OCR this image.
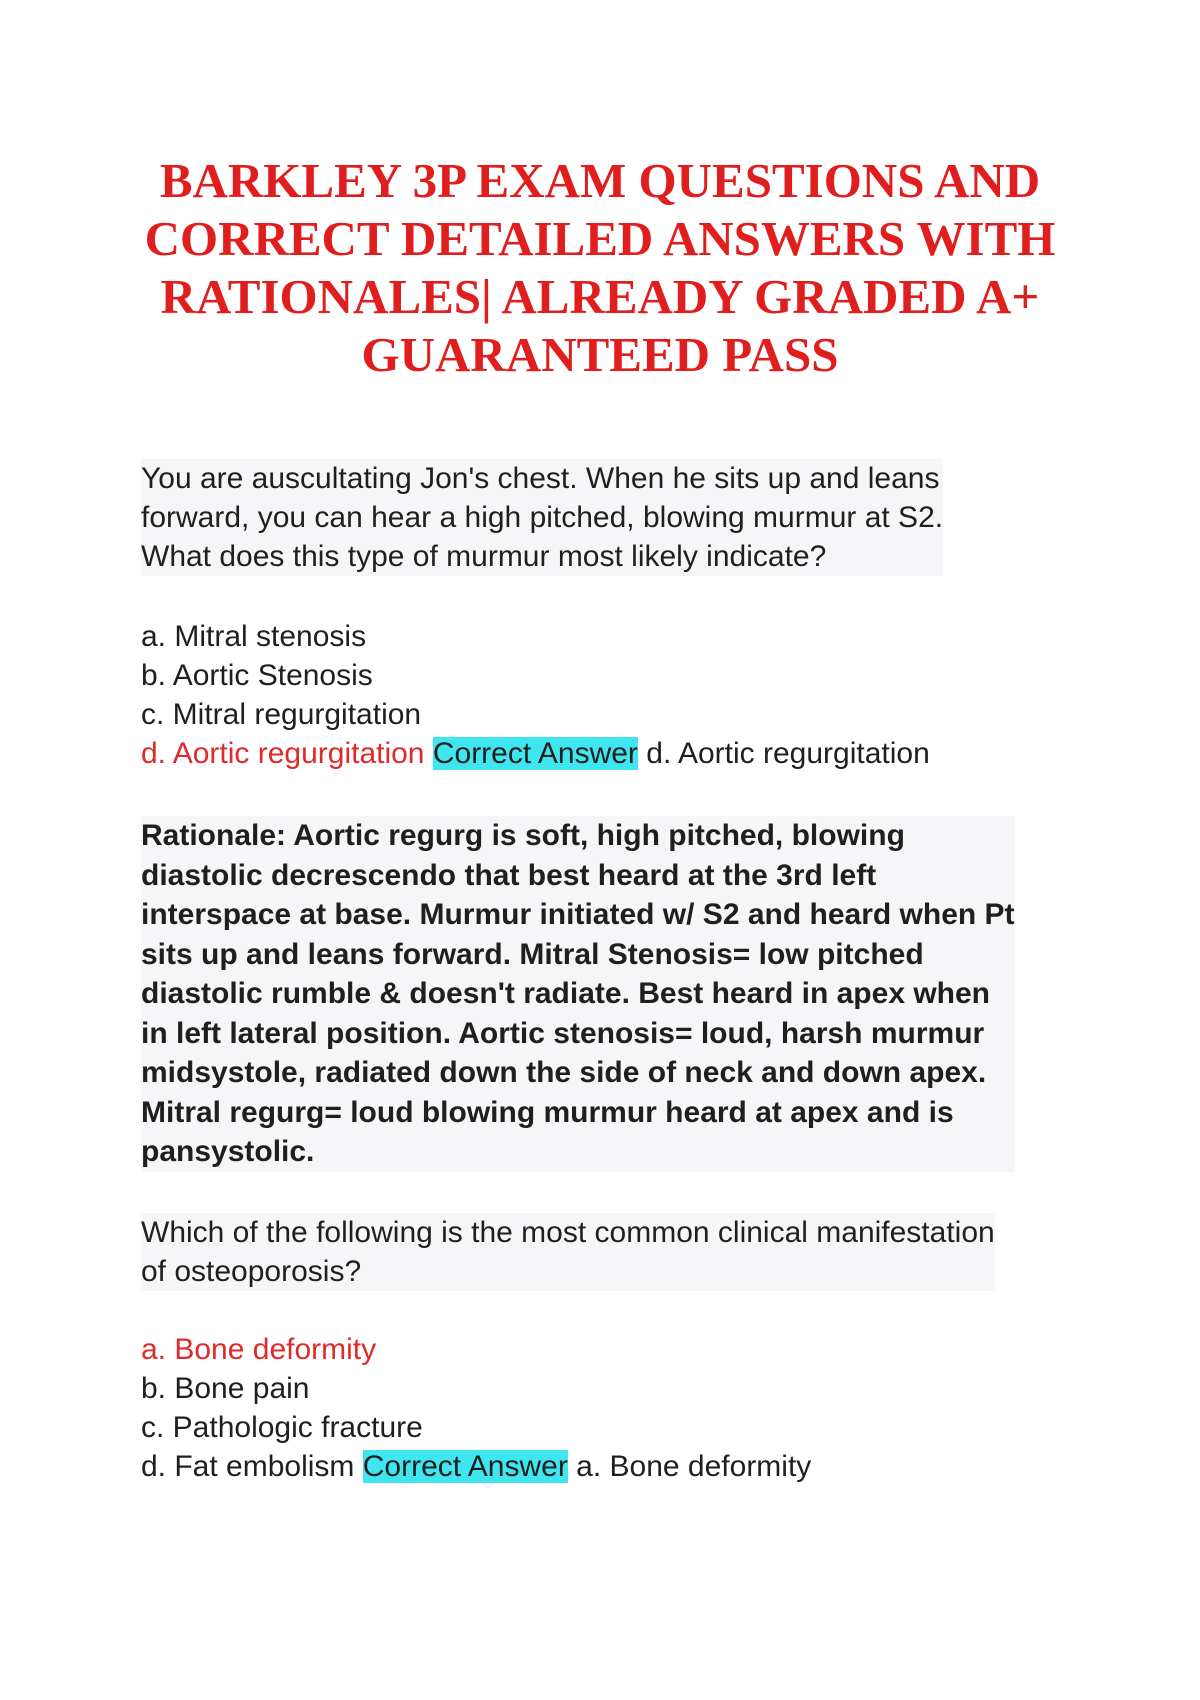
BARKLEY 3P EXAM QUESTIONS AND
CORRECT DETAILED ANSWERS WITH
RATIONALES| ALREADY GRADED A+
GUARANTEED PASS
You are auscultating Jon's chest. When he sits up and leans
forward, you can hear a high pitched, blowing murmur at S2.
What does this type of murmur most likely indicate?
a. Mitral stenosis
b. Aortic Stenosis
c. Mitral regurgitation
d. Aortic regurgitation Correct Answer d. Aortic regurgitation
Rationale: Aortic regurg is soft, high pitched, blowing
diastolic decrescendo that best heard at the 3rd left
interspace at base. Murmur initiated w/ S2 and heard when Pt
sits up and leans forward. Mitral Stenosis= low pitched
diastolic rumble & doesn't radiate. Best heard in apex when
in left lateral position. Aortic stenosis= loud, harsh murmur
midsystole, radiated down the side of neck and down apex.
Mitral regurg= loud blowing murmur heard at apex and is
pansystolic.
Which of the following is the most common clinical manifestation
of osteoporosis?
a. Bone deformity
b. Bone pain
c. Pathologic fracture
d. Fat embolism Correct Answer a. Bone deformity
